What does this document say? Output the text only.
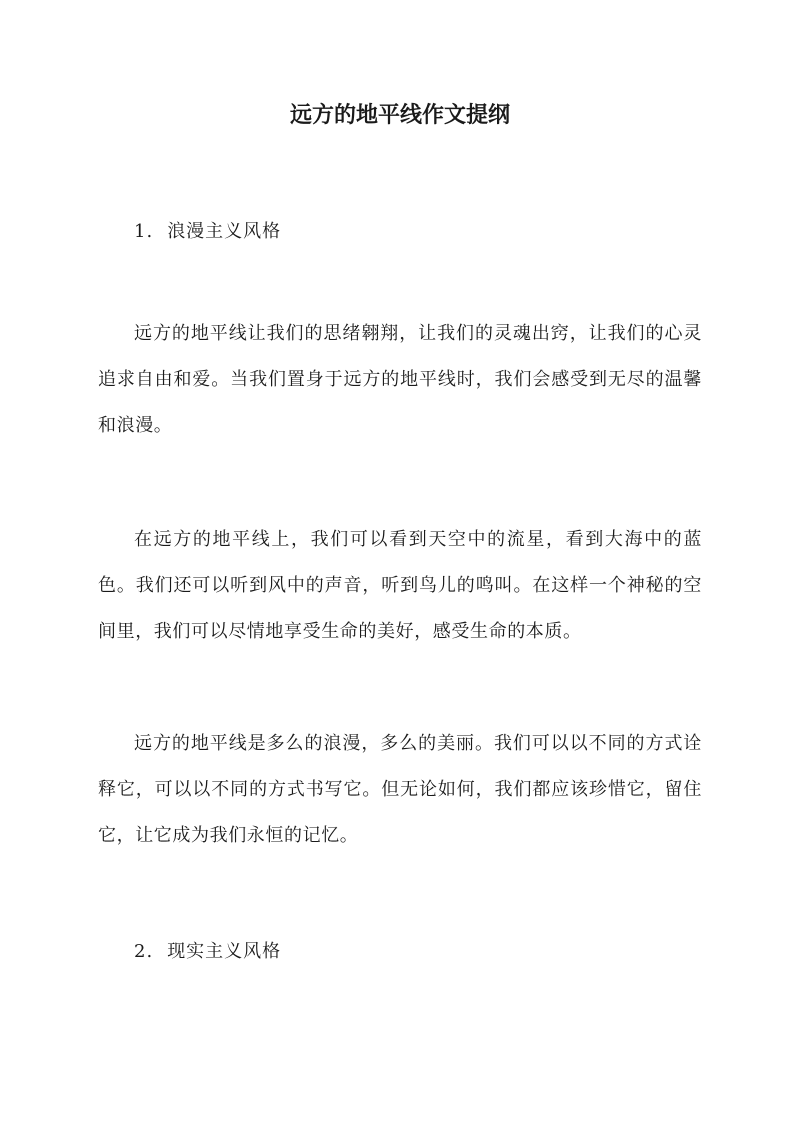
远方的地平线作文提纲
1. 浪漫主义风格

远方的地平线让我们的思绪翱翔，让我们的灵魂出窍，让我们的心灵追求自由和爱。当我们置身于远方的地平线时，我们会感受到无尽的温馨和浪漫。

在远方的地平线上，我们可以看到天空中的流星，看到大海中的蓝色。我们还可以听到风中的声音，听到鸟儿的鸣叫。在这样一个神秘的空间里，我们可以尽情地享受生命的美好，感受生命的本质。

远方的地平线是多么的浪漫，多么的美丽。我们可以以不同的方式诠释它，可以以不同的方式书写它。但无论如何，我们都应该珍惜它，留住它，让它成为我们永恒的记忆。

2. 现实主义风格
